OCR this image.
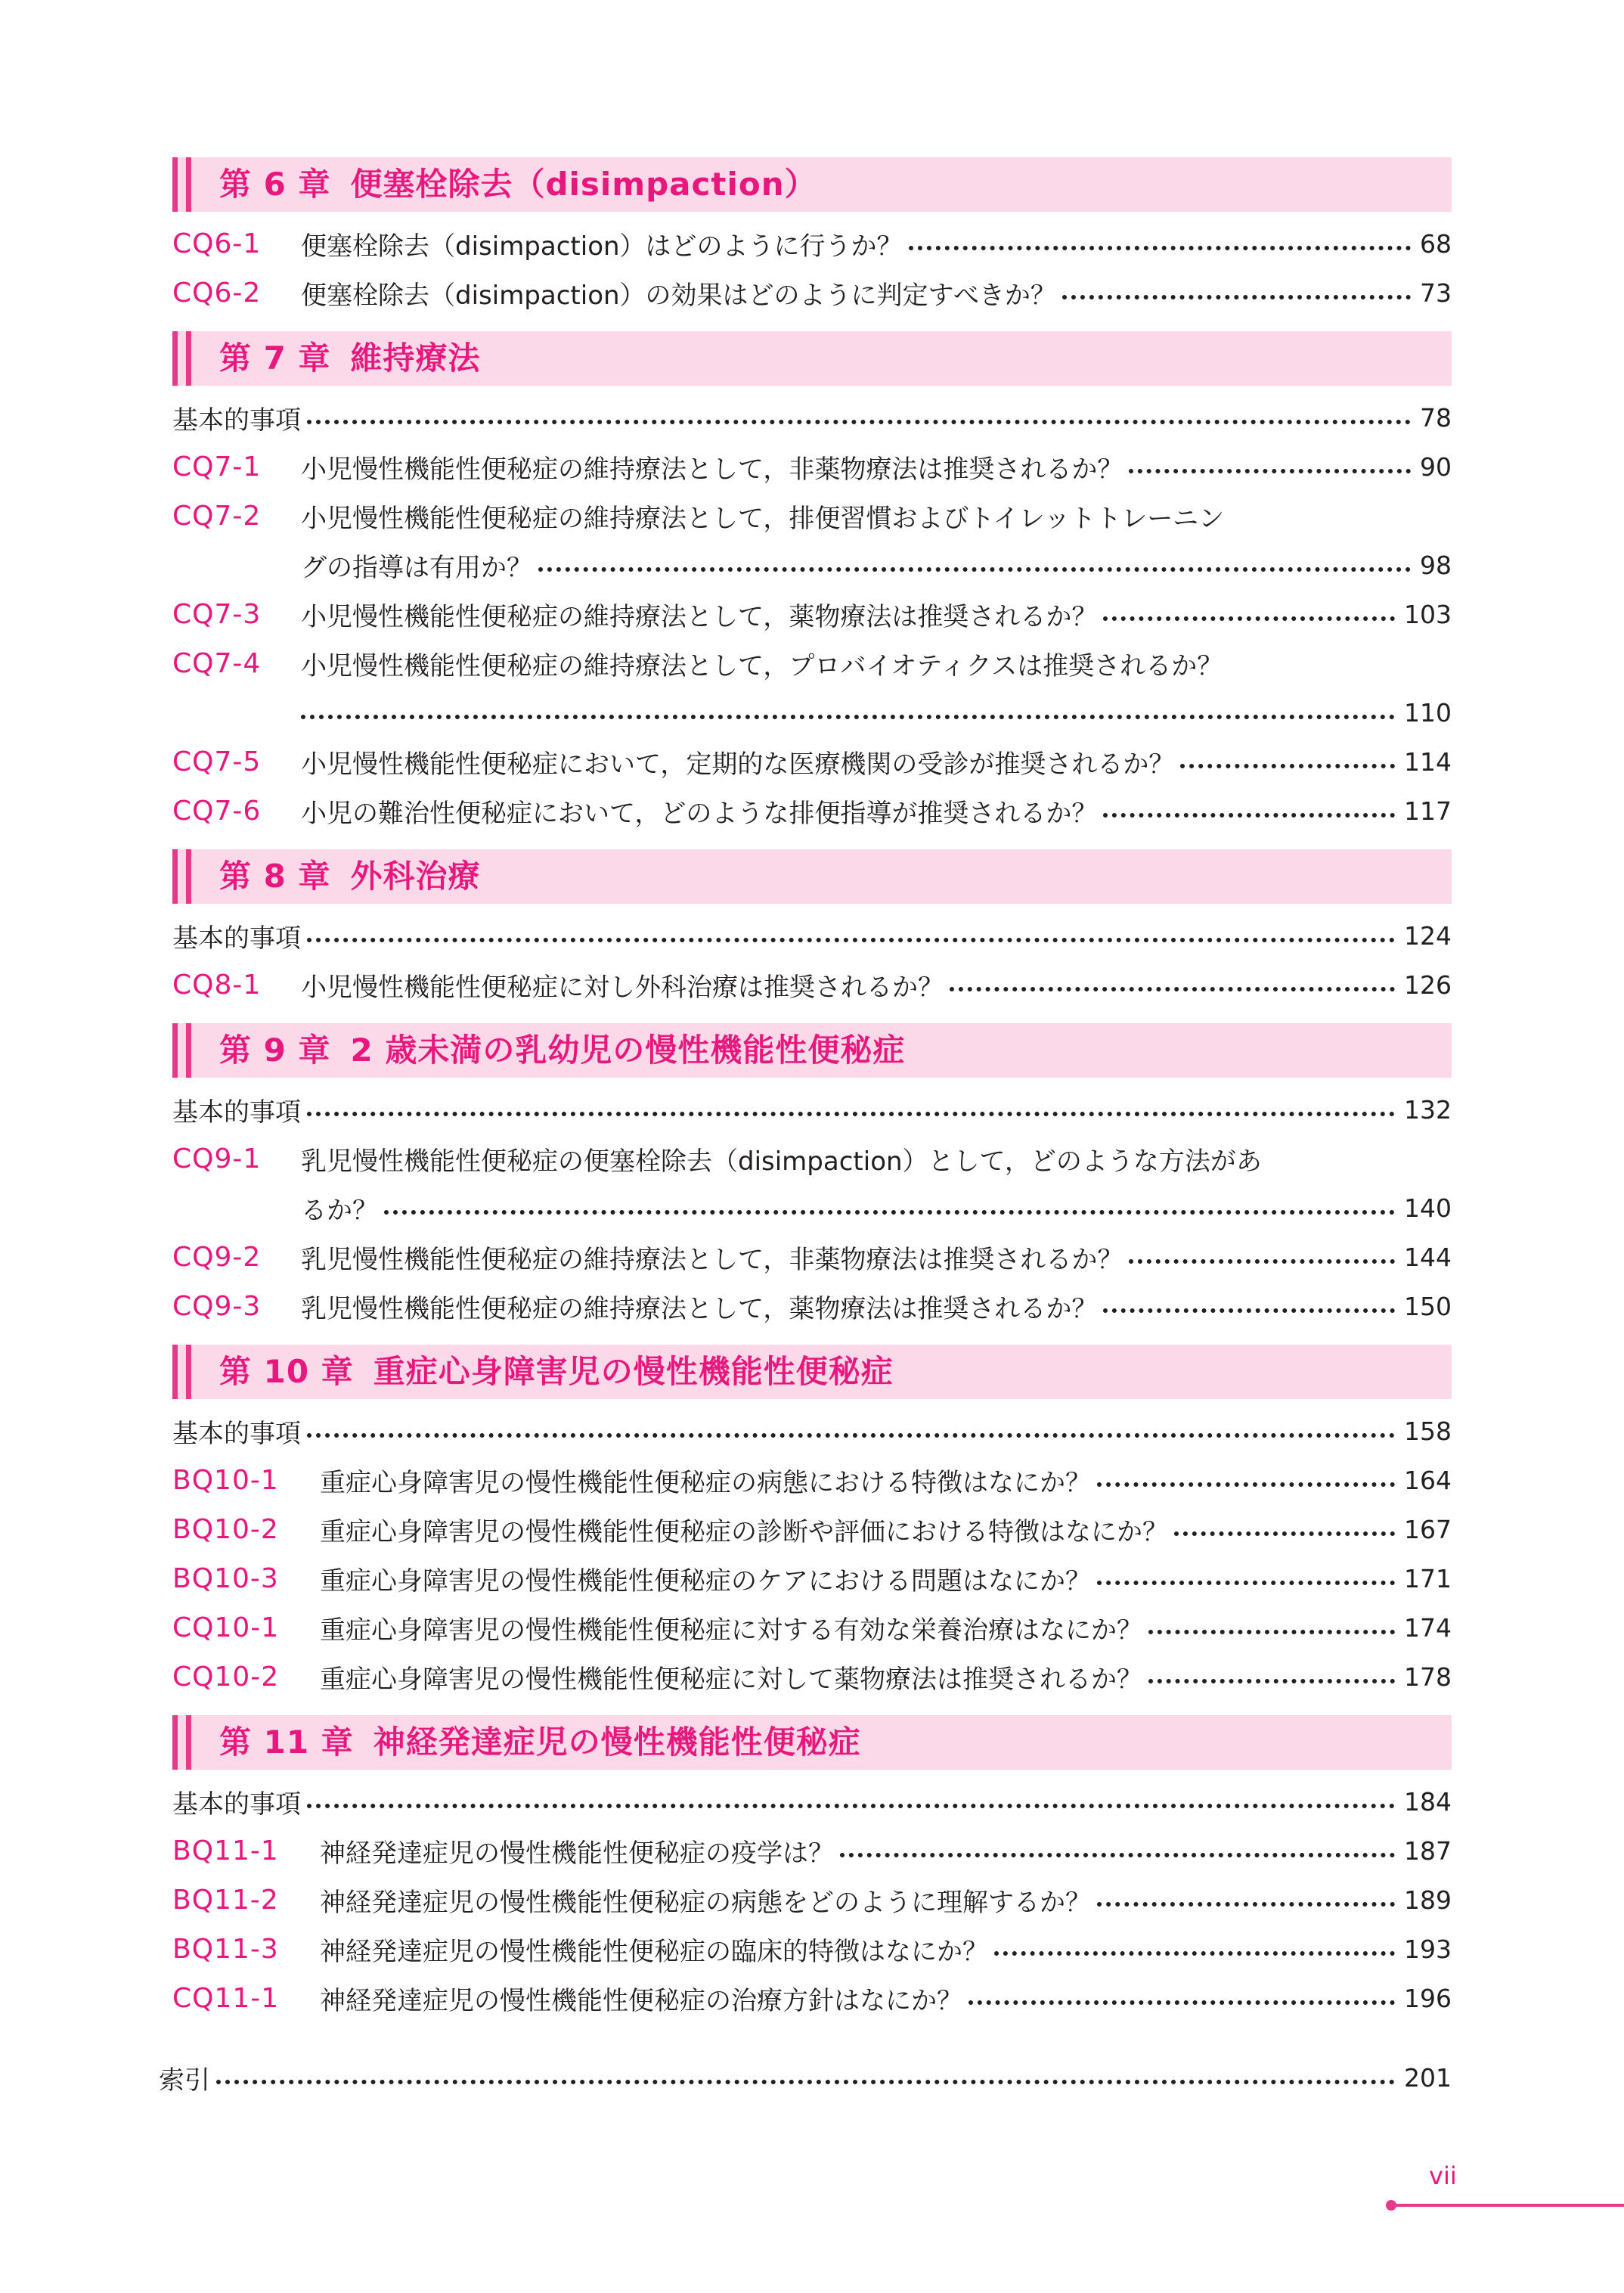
第 6 章 便塞栓除去（disimpaction）
CQ6-1	便塞栓除去（disimpaction）はどのように行うか？	68
CQ6-2	便塞栓除去（disimpaction）の効果はどのように判定すべきか？	73
第 7 章 維持療法
基本的事項	78
CQ7-1	小児慢性機能性便秘症の維持療法として，非薬物療法は推奨されるか？	90
CQ7-2	小児慢性機能性便秘症の維持療法として，排便習慣およびトイレットトレーニン
グの指導は有用か？	98
CQ7-3	小児慢性機能性便秘症の維持療法として，薬物療法は推奨されるか？	103
CQ7-4	小児慢性機能性便秘症の維持療法として，プロバイオティクスは推奨されるか？
110
CQ7-5	小児慢性機能性便秘症において，定期的な医療機関の受診が推奨されるか？	114
CQ7-6	小児の難治性便秘症において，どのような排便指導が推奨されるか？	117
第 8 章 外科治療
基本的事項	124
CQ8-1	小児慢性機能性便秘症に対し外科治療は推奨されるか？	126
第 9 章 2 歳未満の乳幼児の慢性機能性便秘症
基本的事項	132
CQ9-1	乳児慢性機能性便秘症の便塞栓除去（disimpaction）として，どのような方法があ
るか？	140
CQ9-2	乳児慢性機能性便秘症の維持療法として，非薬物療法は推奨されるか？	144
CQ9-3	乳児慢性機能性便秘症の維持療法として，薬物療法は推奨されるか？	150
第 10 章 重症心身障害児の慢性機能性便秘症
基本的事項	158
BQ10-1	重症心身障害児の慢性機能性便秘症の病態における特徴はなにか？	164
BQ10-2	重症心身障害児の慢性機能性便秘症の診断や評価における特徴はなにか？	167
BQ10-3	重症心身障害児の慢性機能性便秘症のケアにおける問題はなにか？	171
CQ10-1	重症心身障害児の慢性機能性便秘症に対する有効な栄養治療はなにか？	174
CQ10-2	重症心身障害児の慢性機能性便秘症に対して薬物療法は推奨されるか？	178
第 11 章 神経発達症児の慢性機能性便秘症
基本的事項	184
BQ11-1	神経発達症児の慢性機能性便秘症の疫学は？	187
BQ11-2	神経発達症児の慢性機能性便秘症の病態をどのように理解するか？	189
BQ11-3	神経発達症児の慢性機能性便秘症の臨床的特徴はなにか？	193
CQ11-1	神経発達症児の慢性機能性便秘症の治療方針はなにか？	196
索引	201
vii
